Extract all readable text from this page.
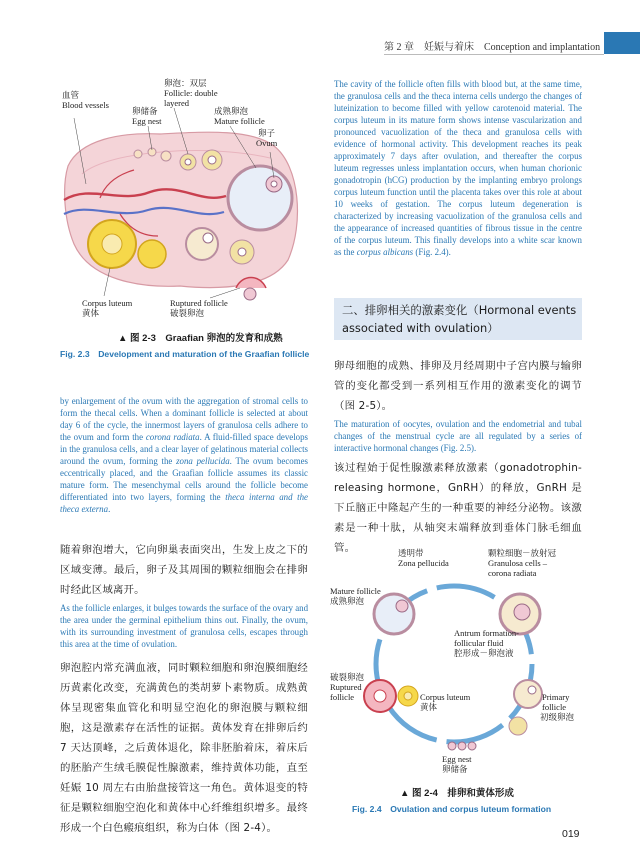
第 2 章　妊娠与着床　Conception and implantation
血管
Blood vessels
卵储备
Egg nest
卵泡：双层
Follicle: double
layered
成熟卵泡
Mature follicle
卵子
Ovum
Corpus luteum
黄体
Ruptured follicle
破裂卵泡
▲ 图 2-3　Graafian 卵泡的发育和成熟
Fig. 2.3　Development and maturation of the Graafian follicle
by enlargement of the ovum with the aggregation of stromal cells to form the thecal cells. When a dominant follicle is selected at about day 6 of the cycle, the innermost layers of granulosa cells adhere to the ovum and form the corona radiata. A fluid-filled space develops in the granulosa cells, and a clear layer of gelatinous material collects around the ovum, forming the zona pellucida. The ovum becomes eccentrically placed, and the Graafian follicle assumes its classic mature form. The mesenchymal cells around the follicle become differentiated into two layers, forming the theca interna and the theca externa.
随着卵泡增大，它向卵巢表面突出，生发上皮之下的区域变薄。最后，卵子及其周围的颗粒细胞会在排卵时经此区域离开。
As the follicle enlarges, it bulges towards the surface of the ovary and the area under the germinal epithelium thins out. Finally, the ovum, with its surrounding investment of granulosa cells, escapes through this area at the time of ovulation.
卵泡腔内常充满血液，同时颗粒细胞和卵泡膜细胞经历黄素化改变，充满黄色的类胡萝卜素物质。成熟黄体呈现密集血管化和明显空泡化的卵泡膜与颗粒细胞，这是激素存在活性的证据。黄体发育在排卵后约 7 天达顶峰，之后黄体退化，除非胚胎着床，着床后的胚胎产生绒毛膜促性腺激素，维持黄体功能，直至妊娠 10 周左右由胎盘接管这一角色。黄体退变的特征是颗粒细胞空泡化和黄体中心纤维组织增多。最终形成一个白色瘢痕组织，称为白体（图 2-4）。
The cavity of the follicle often fills with blood but, at the same time, the granulosa cells and the theca interna cells undergo the changes of luteinization to become filled with yellow carotenoid material. The corpus luteum in its mature form shows intense vascularization and pronounced vacuolization of the theca and granulosa cells with evidence of hormonal activity. This development reaches its peak approximately 7 days after ovulation, and thereafter the corpus luteum regresses unless implantation occurs, when human chorionic gonadotropin (hCG) production by the implanting embryo prolongs corpus luteum function until the placenta takes over this role at about 10 weeks of gestation. The corpus luteum degeneration is characterized by increasing vacuolization of the granulosa cells and the appearance of increased quantities of fibrous tissue in the centre of the corpus luteum. This finally develops into a white scar known as the corpus albicans (Fig. 2.4).
二、排卵相关的激素变化（Hormonal events associated with ovulation）
卵母细胞的成熟、排卵及月经周期中子宫内膜与输卵管的变化都受到一系列相互作用的激素变化的调节（图 2-5）。
The maturation of oocytes, ovulation and the endometrial and tubal changes of the menstrual cycle are all regulated by a series of interactive hormonal changes (Fig. 2.5).
该过程始于促性腺激素释放激素（gonadotrophin-releasing hormone，GnRH）的释放，GnRH 是下丘脑正中隆起产生的一种重要的神经分泌物。该激素是一种十肽，从轴突末端释放到垂体门脉毛细血管。	透明带
Zona pellucida
颗粒细胞－放射冠
Granulosa cells –
corona radiata
Mature follicle
成熟卵泡
Antrum formation-
follicular fluid
腔形成－卵泡液
破裂卵泡
Ruptured
follicle	Corpus luteum
黄体
Primary
follicle
初级卵泡
Egg nest
卵储备
▲ 图 2-4　排卵和黄体形成
Fig. 2.4　Ovulation and corpus luteum formation
019
